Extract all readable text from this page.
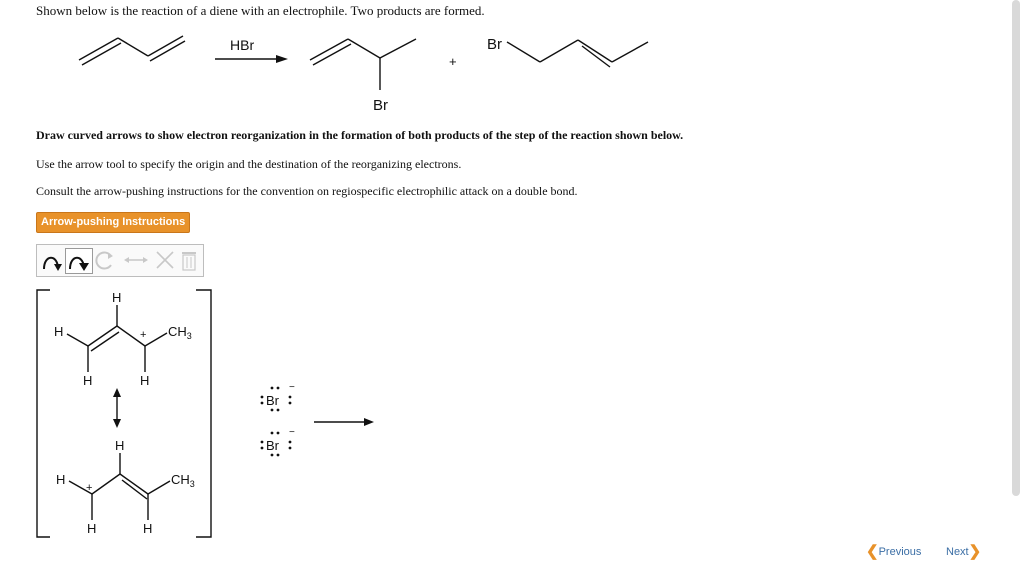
Shown below is the reaction of a diene with an electrophile. Two products are formed.
HBr
Br
+
Br
Draw curved arrows to show electron reorganization in the formation of both products of the step of the reaction shown below.
Use the arrow tool to specify the origin and the destination of the reorganizing electrons.
Consult the arrow-pushing instructions for the convention on regiospecific electrophilic attack on a double bond.
Arrow-pushing Instructions
H
H	+ $CH_3$
H	H
H
H
+
$CH_3$
H	H
Br
−
Br
−
❮Previous Next❯
